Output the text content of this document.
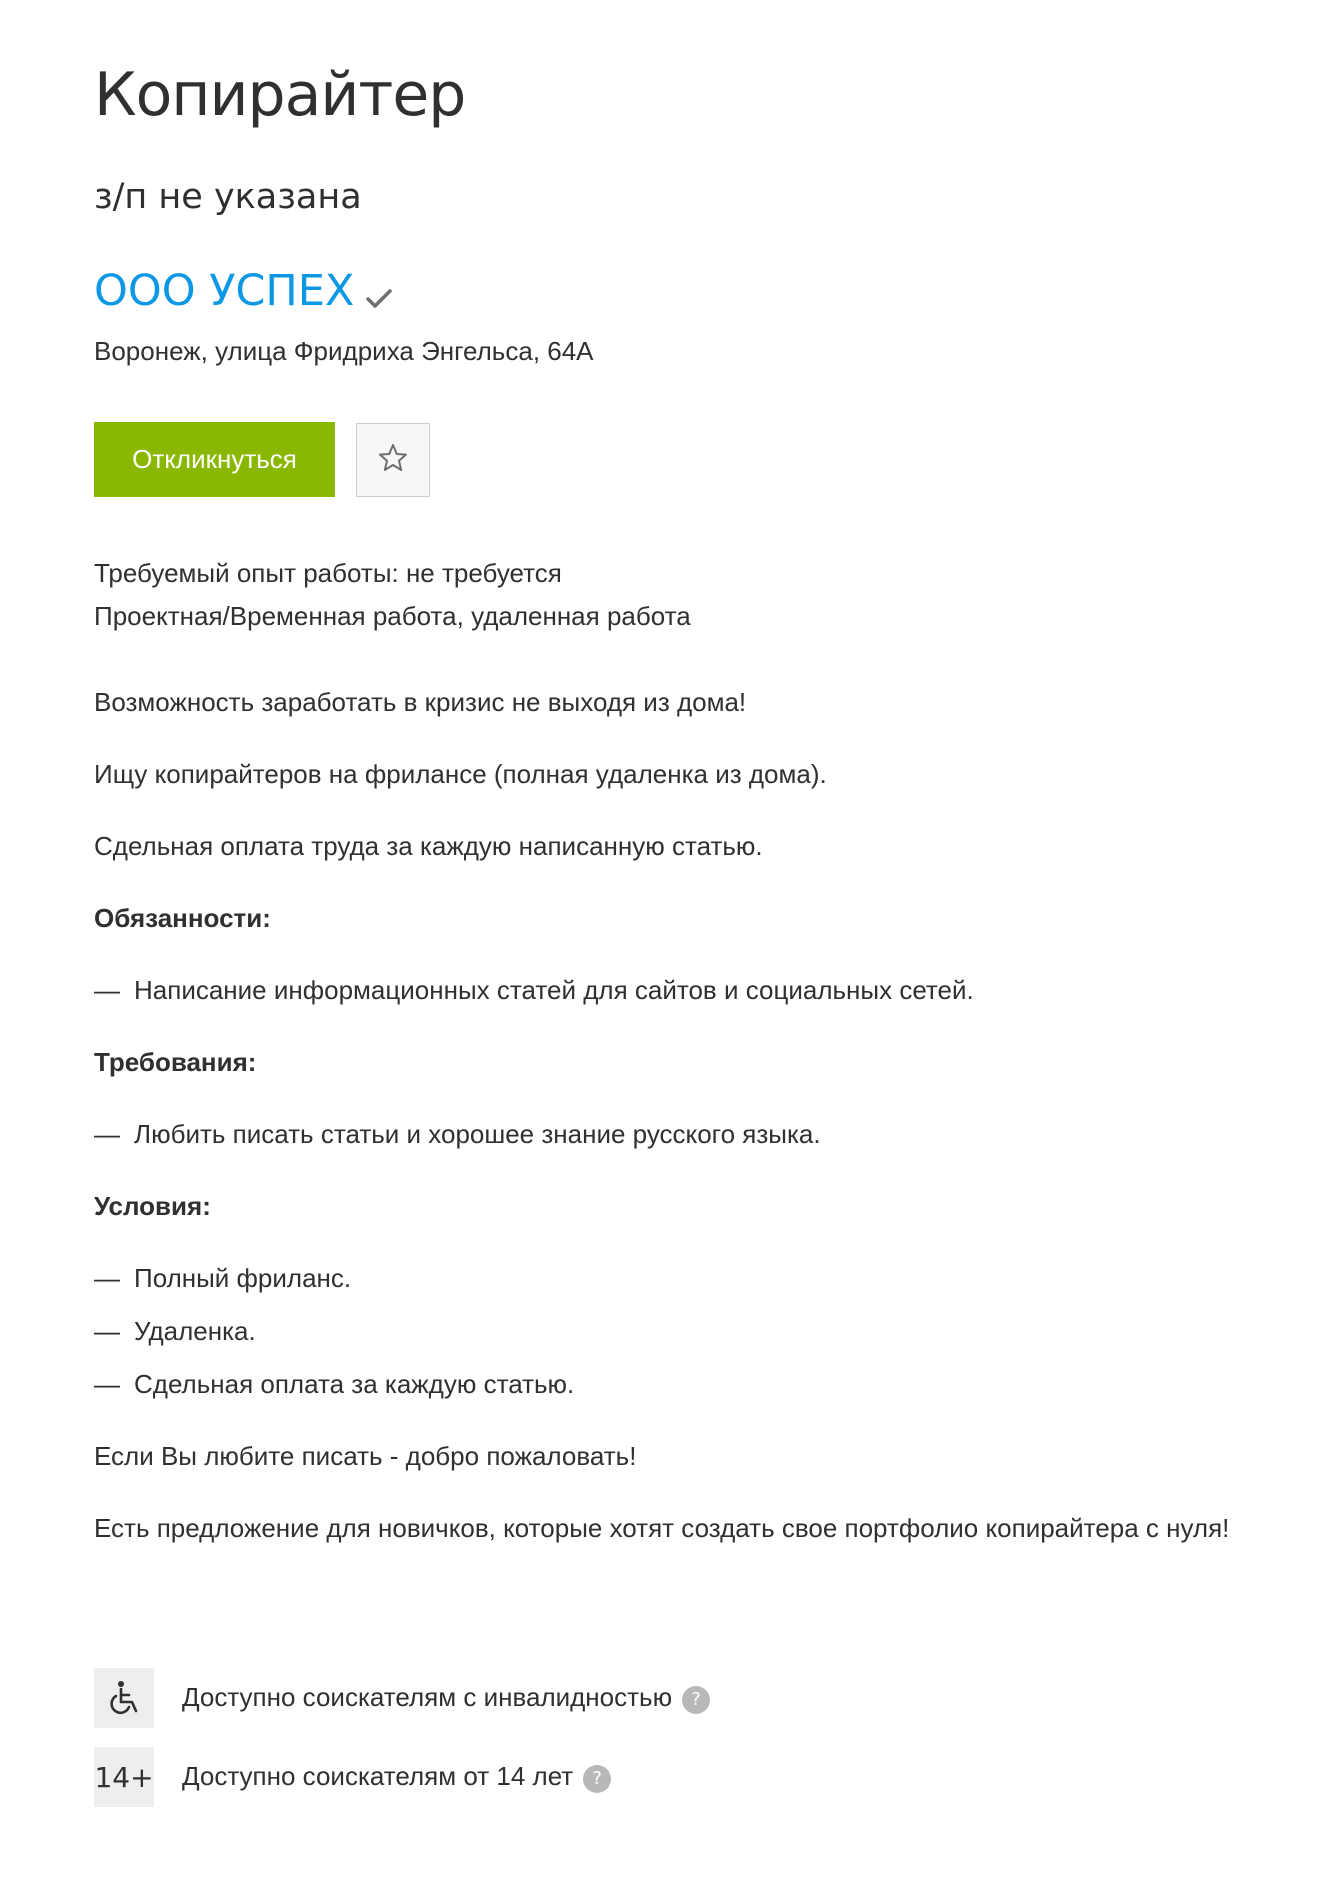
Копирайтер
з/п не указана
ООО УСПЕХ
Воронеж, улица Фридриха Энгельса, 64А
Откликнуться
Требуемый опыт работы: не требуется
Проектная/Временная работа, удаленная работа

Возможность заработать в кризис не выходя из дома!

Ищу копирайтеров на фрилансе (полная удаленка из дома).

Сдельная оплата труда за каждую написанную статью.

Обязанности:
— Написание информационных статей для сайтов и социальных сетей.
Требования:
— Любить писать статьи и хорошее знание русского языка.
Условия:
— Полный фриланс.
— Удаленка.
— Сдельная оплата за каждую статью.

Если Вы любите писать - добро пожаловать!

Есть предложение для новичков, которые хотят создать свое портфолио копирайтера с нуля!

Доступно соискателям с инвалидностью ?
14+ Доступно соискателям от 14 лет ?
